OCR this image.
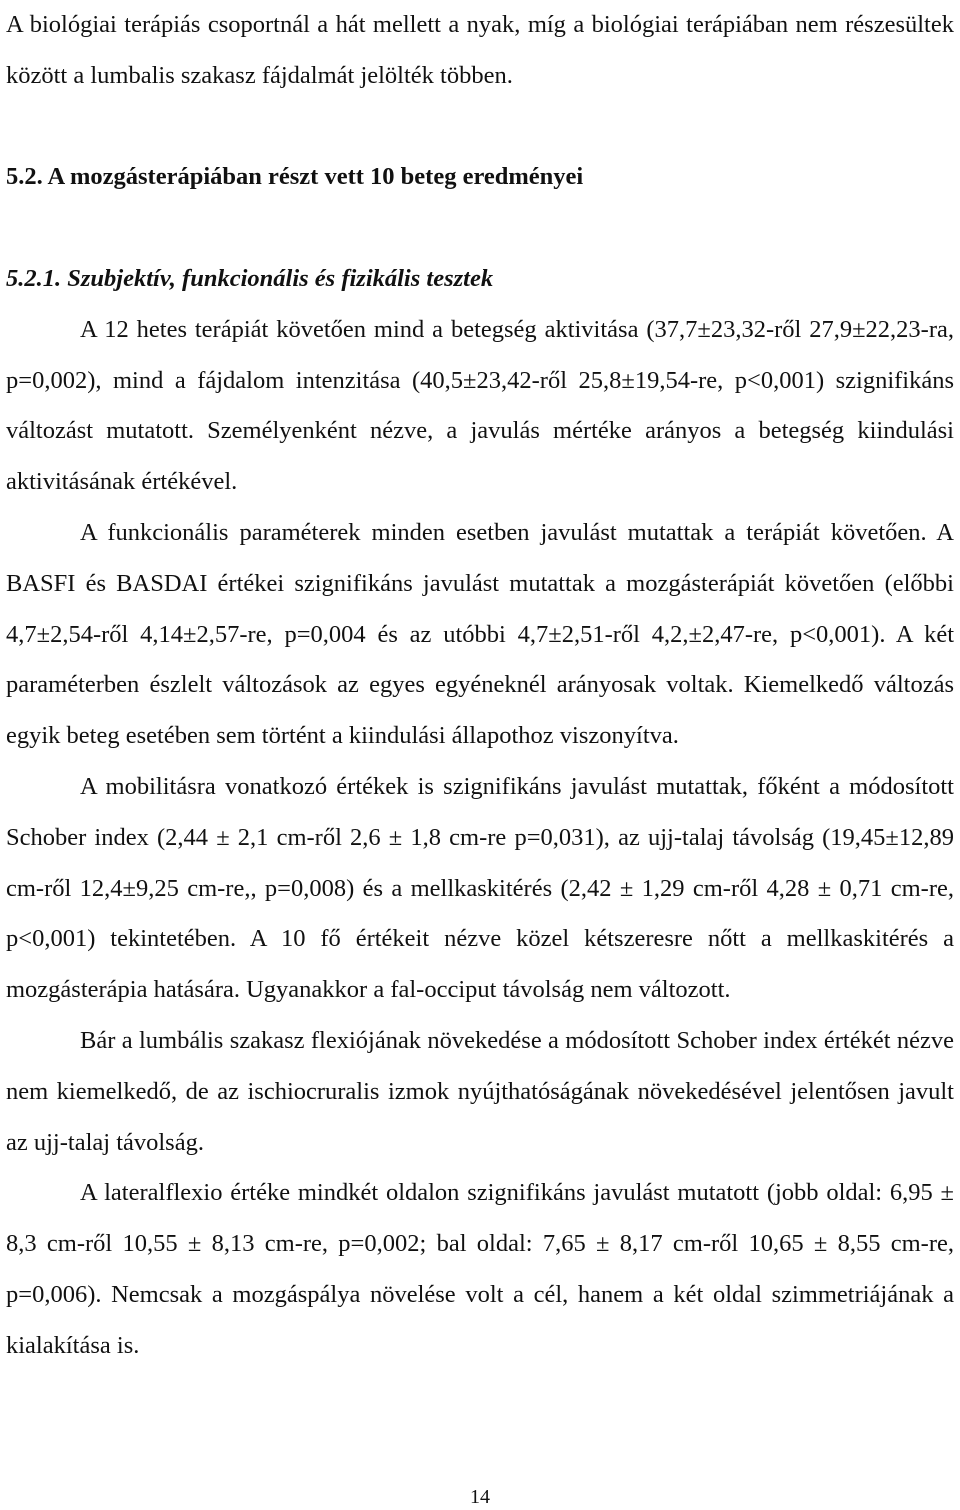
A biológiai terápiás csoportnál a hát mellett a nyak, míg a biológiai terápiában nem részesültek között a lumbalis szakasz fájdalmát jelölték többen.

5.2. A mozgásterápiában részt vett 10 beteg eredményei
5.2.1. Szubjektív, funkcionális és fizikális tesztek

A 12 hetes terápiát követően mind a betegség aktivitása (37,7±23,32-ről 27,9±22,23-ra, p=0,002), mind a fájdalom intenzitása (40,5±23,42-ről 25,8±19,54-re, p<0,001) szignifikáns változást mutatott. Személyenként nézve, a javulás mértéke arányos a betegség kiindulási aktivitásának értékével.

A funkcionális paraméterek minden esetben javulást mutattak a terápiát követően. A BASFI és BASDAI értékei szignifikáns javulást mutattak a mozgásterápiát követően (előbbi 4,7±2,54-ről 4,14±2,57-re, p=0,004 és az utóbbi 4,7±2,51-ről 4,2,±2,47-re, p<0,001). A két paraméterben észlelt változások az egyes egyéneknél arányosak voltak. Kiemelkedő változás egyik beteg esetében sem történt a kiindulási állapothoz viszonyítva.

A mobilitásra vonatkozó értékek is szignifikáns javulást mutattak, főként a módosított Schober index (2,44 ± 2,1 cm-ről 2,6 ± 1,8 cm-re p=0,031), az ujj-talaj távolság (19,45±12,89 cm-ről 12,4±9,25 cm-re,, p=0,008) és a mellkaskitérés (2,42 ± 1,29 cm-ről 4,28 ± 0,71 cm-re, p<0,001) tekintetében. A 10 fő értékeit nézve közel kétszeresre nőtt a mellkaskitérés a mozgásterápia hatására. Ugyanakkor a fal-occiput távolság nem változott.

Bár a lumbális szakasz flexiójának növekedése a módosított Schober index értékét nézve nem kiemelkedő, de az ischiocruralis izmok nyújthatóságának növekedésével jelentősen javult az ujj-talaj távolság.

A lateralflexio értéke mindkét oldalon szignifikáns javulást mutatott (jobb oldal: 6,95 ± 8,3 cm-ről 10,55 ± 8,13 cm-re, p=0,002; bal oldal: 7,65 ± 8,17 cm-ről 10,65 ± 8,55 cm-re, p=0,006). Nemcsak a mozgáspálya növelése volt a cél, hanem a két oldal szimmetriájának a kialakítása is.

14
